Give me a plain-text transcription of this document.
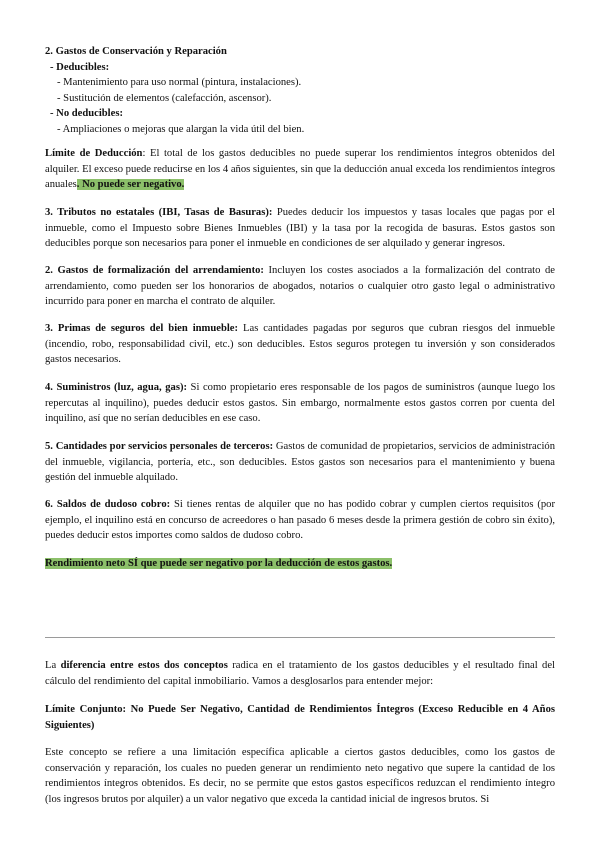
2. Gastos de Conservación y Reparación

- Deducibles:

- Mantenimiento para uso normal (pintura, instalaciones).

- Sustitución de elementos (calefacción, ascensor).

- No deducibles:

- Ampliaciones o mejoras que alargan la vida útil del bien.

Límite de Deducción: El total de los gastos deducibles no puede superar los rendimientos íntegros obtenidos del alquiler. El exceso puede reducirse en los 4 años siguientes, sin que la deducción anual exceda los rendimientos íntegros anuales. No puede ser negativo.

3. Tributos no estatales (IBI, Tasas de Basuras): Puedes deducir los impuestos y tasas locales que pagas por el inmueble, como el Impuesto sobre Bienes Inmuebles (IBI) y la tasa por la recogida de basuras. Estos gastos son deducibles porque son necesarios para poner el inmueble en condiciones de ser alquilado y generar ingresos.

2. Gastos de formalización del arrendamiento: Incluyen los costes asociados a la formalización del contrato de arrendamiento, como pueden ser los honorarios de abogados, notarios o cualquier otro gasto legal o administrativo incurrido para poner en marcha el contrato de alquiler.

3. Primas de seguros del bien inmueble: Las cantidades pagadas por seguros que cubran riesgos del inmueble (incendio, robo, responsabilidad civil, etc.) son deducibles. Estos seguros protegen tu inversión y son considerados gastos necesarios.

4. Suministros (luz, agua, gas): Si como propietario eres responsable de los pagos de suministros (aunque luego los repercutas al inquilino), puedes deducir estos gastos. Sin embargo, normalmente estos gastos corren por cuenta del inquilino, así que no serían deducibles en ese caso.

5. Cantidades por servicios personales de terceros: Gastos de comunidad de propietarios, servicios de administración del inmueble, vigilancia, portería, etc., son deducibles. Estos gastos son necesarios para el mantenimiento y buena gestión del inmueble alquilado.

6. Saldos de dudoso cobro: Si tienes rentas de alquiler que no has podido cobrar y cumplen ciertos requisitos (por ejemplo, el inquilino está en concurso de acreedores o han pasado 6 meses desde la primera gestión de cobro sin éxito), puedes deducir estos importes como saldos de dudoso cobro.

Rendimiento neto SÍ que puede ser negativo por la deducción de estos gastos.

La diferencia entre estos dos conceptos radica en el tratamiento de los gastos deducibles y el resultado final del cálculo del rendimiento del capital inmobiliario. Vamos a desglosarlos para entender mejor:

Límite Conjunto: No Puede Ser Negativo, Cantidad de Rendimientos Íntegros (Exceso Reducible en 4 Años Siguientes)

Este concepto se refiere a una limitación específica aplicable a ciertos gastos deducibles, como los gastos de conservación y reparación, los cuales no pueden generar un rendimiento neto negativo que supere la cantidad de los rendimientos íntegros obtenidos. Es decir, no se permite que estos gastos específicos reduzcan el rendimiento íntegro (los ingresos brutos por alquiler) a un valor negativo que exceda la cantidad inicial de ingresos brutos. Si
